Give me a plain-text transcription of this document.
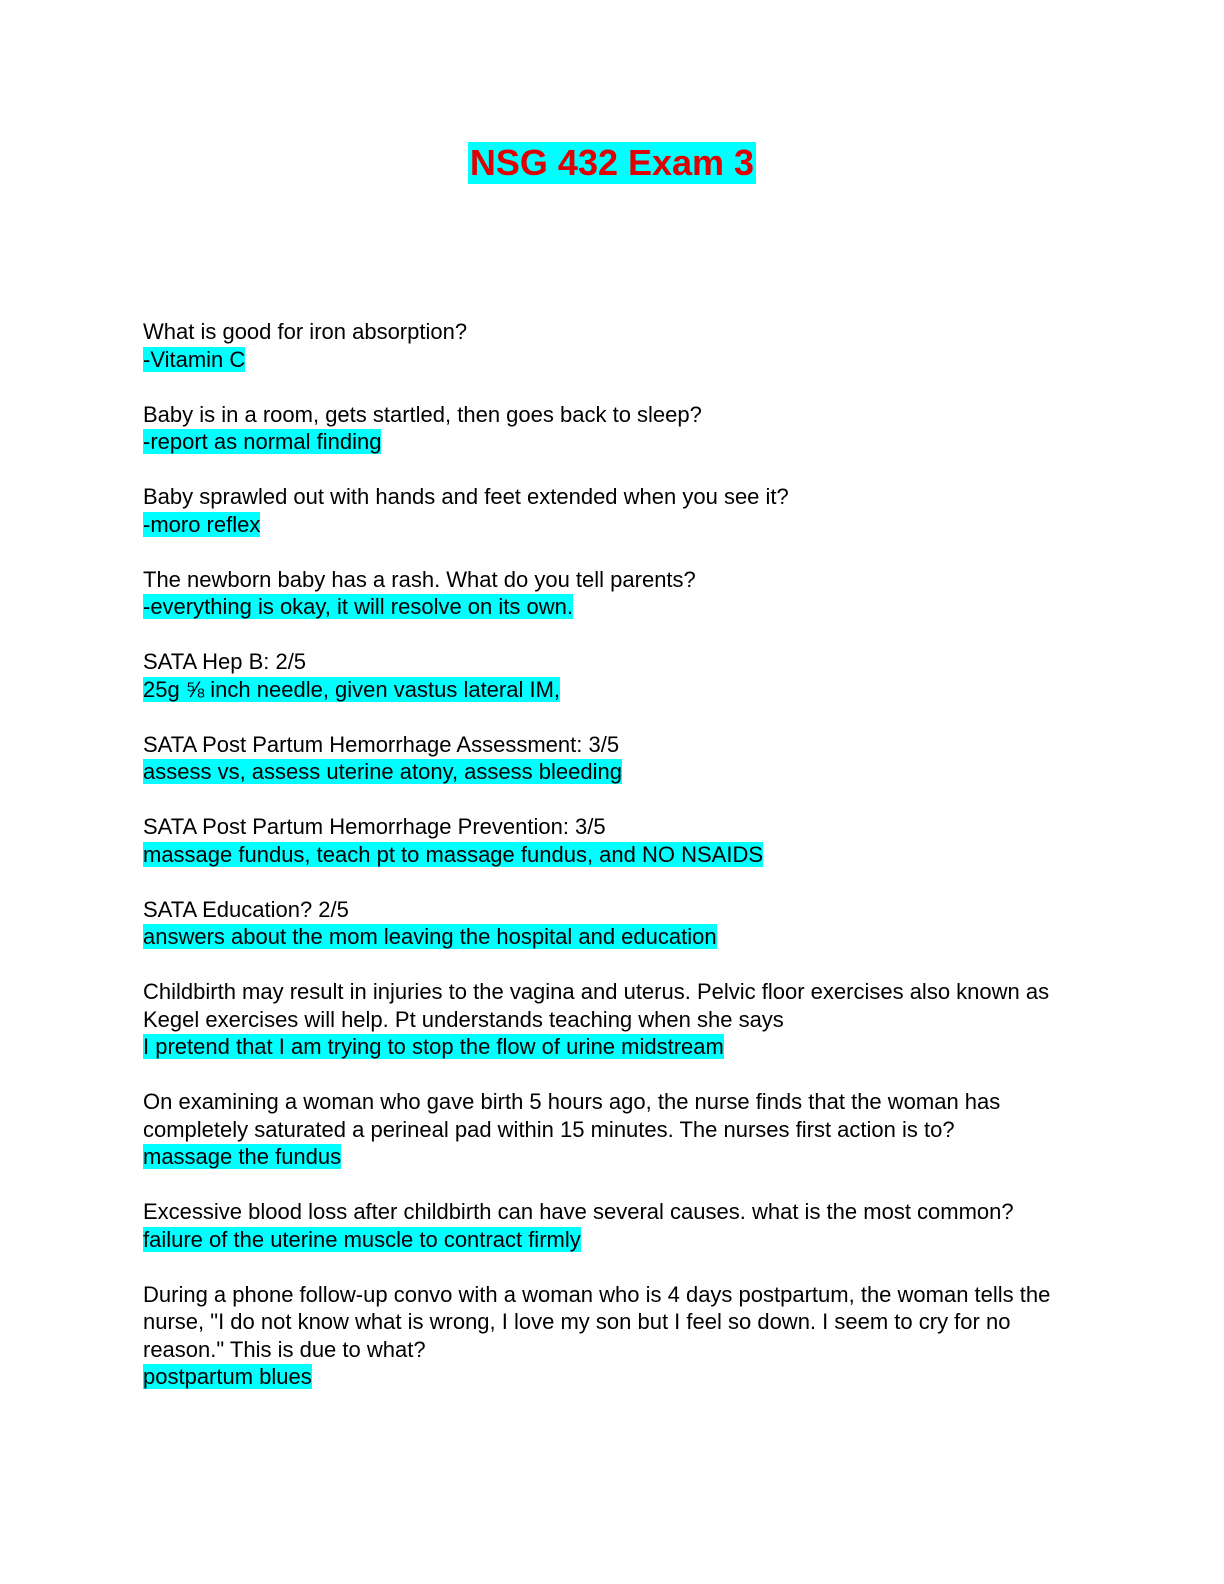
NSG 432 Exam 3
What is good for iron absorption?
-Vitamin C
Baby is in a room, gets startled, then goes back to sleep?
-report as normal finding
Baby sprawled out with hands and feet extended when you see it?
-moro reflex
The newborn baby has a rash. What do you tell parents?
-everything is okay, it will resolve on its own.
SATA Hep B: 2/5
25g ⅝ inch needle, given vastus lateral IM,
SATA Post Partum Hemorrhage Assessment: 3/5
assess vs, assess uterine atony, assess bleeding
SATA Post Partum Hemorrhage Prevention: 3/5
massage fundus, teach pt to massage fundus, and NO NSAIDS
SATA Education? 2/5
answers about the mom leaving the hospital and education
Childbirth may result in injuries to the vagina and uterus. Pelvic floor exercises also known as Kegel exercises will help. Pt understands teaching when she says
I pretend that I am trying to stop the flow of urine midstream
On examining a woman who gave birth 5 hours ago, the nurse finds that the woman has completely saturated a perineal pad within 15 minutes. The nurses first action is to?
massage the fundus
Excessive blood loss after childbirth can have several causes. what is the most common?
failure of the uterine muscle to contract firmly
During a phone follow-up convo with a woman who is 4 days postpartum, the woman tells the nurse, "I do not know what is wrong, I love my son but I feel so down. I seem to cry for no reason." This is due to what?
postpartum blues
